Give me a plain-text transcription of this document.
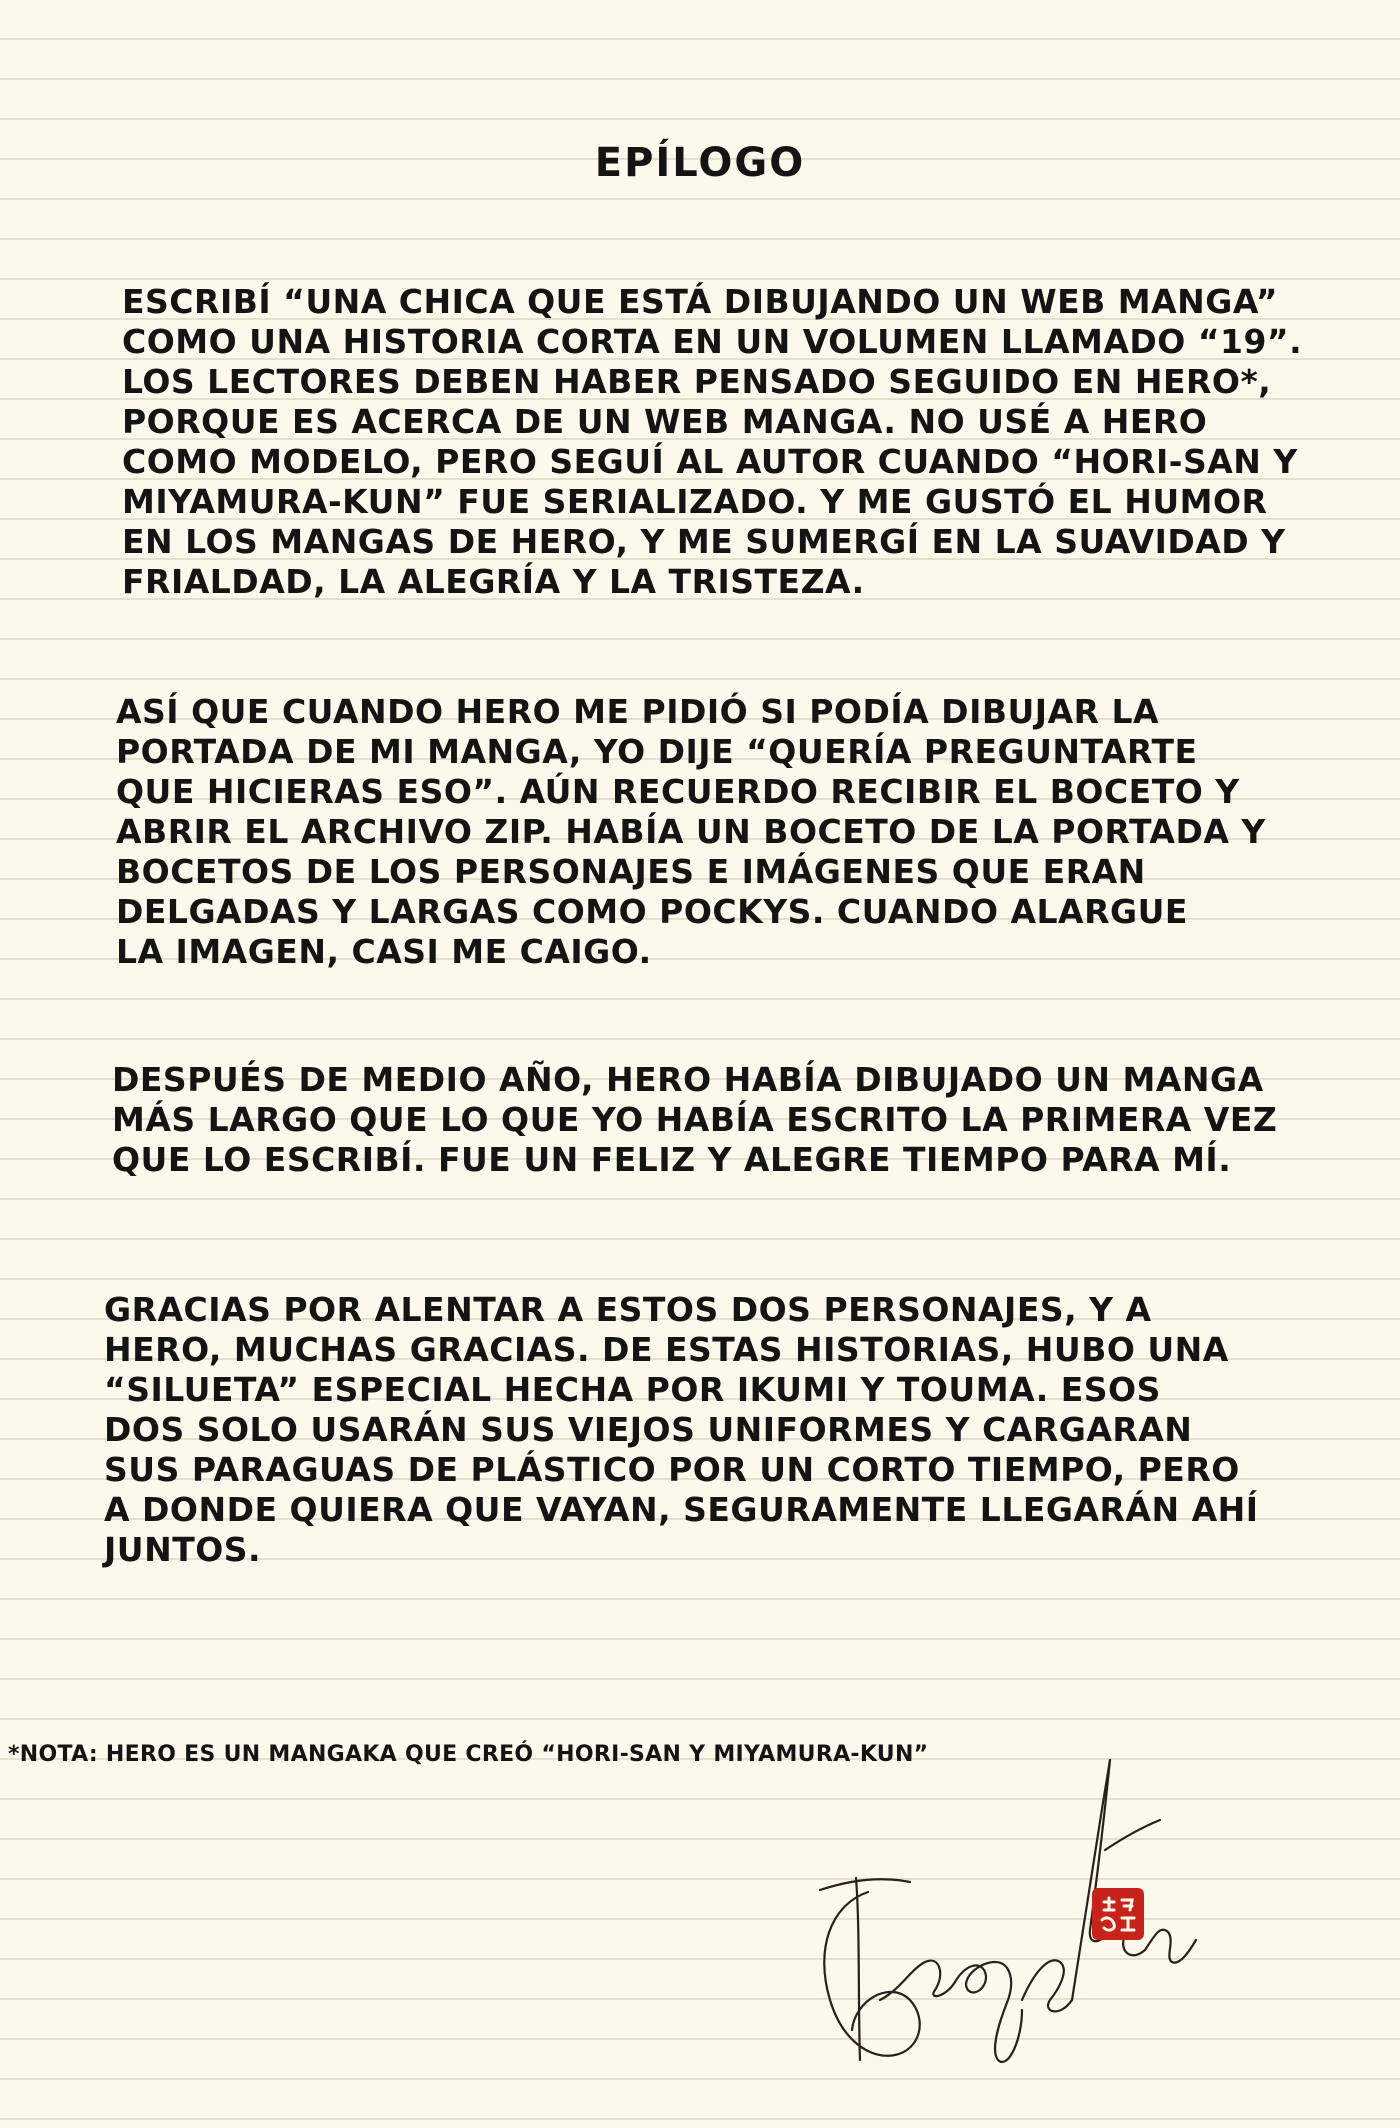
EPÍLOGO
ESCRIBÍ “UNA CHICA QUE ESTÁ DIBUJANDO UN WEB MANGA”
COMO UNA HISTORIA CORTA EN UN VOLUMEN LLAMADO “19”.
LOS LECTORES DEBEN HABER PENSADO SEGUIDO EN HERO*,
PORQUE ES ACERCA DE UN WEB MANGA. NO USÉ A HERO
COMO MODELO, PERO SEGUÍ AL AUTOR CUANDO “HORI-SAN Y
MIYAMURA-KUN” FUE SERIALIZADO. Y ME GUSTÓ EL HUMOR
EN LOS MANGAS DE HERO, Y ME SUMERGÍ EN LA SUAVIDAD Y
FRIALDAD, LA ALEGRÍA Y LA TRISTEZA.
ASÍ QUE CUANDO HERO ME PIDIÓ SI PODÍA DIBUJAR LA
PORTADA DE MI MANGA, YO DIJE “QUERÍA PREGUNTARTE
QUE HICIERAS ESO”. AÚN RECUERDO RECIBIR EL BOCETO Y
ABRIR EL ARCHIVO ZIP. HABÍA UN BOCETO DE LA PORTADA Y
BOCETOS DE LOS PERSONAJES E IMÁGENES QUE ERAN
DELGADAS Y LARGAS COMO POCKYS. CUANDO ALARGUE
LA IMAGEN, CASI ME CAIGO.
DESPUÉS DE MEDIO AÑO, HERO HABÍA DIBUJADO UN MANGA
MÁS LARGO QUE LO QUE YO HABÍA ESCRITO LA PRIMERA VEZ
QUE LO ESCRIBÍ. FUE UN FELIZ Y ALEGRE TIEMPO PARA MÍ.
GRACIAS POR ALENTAR A ESTOS DOS PERSONAJES, Y A
HERO, MUCHAS GRACIAS. DE ESTAS HISTORIAS, HUBO UNA
“SILUETA” ESPECIAL HECHA POR IKUMI Y TOUMA. ESOS
DOS SOLO USARÁN SUS VIEJOS UNIFORMES Y CARGARAN
SUS PARAGUAS DE PLÁSTICO POR UN CORTO TIEMPO, PERO
A DONDE QUIERA QUE VAYAN, SEGURAMENTE LLEGARÁN AHÍ
JUNTOS.
*NOTA: HERO ES UN MANGAKA QUE CREÓ “HORI-SAN Y MIYAMURA-KUN”
